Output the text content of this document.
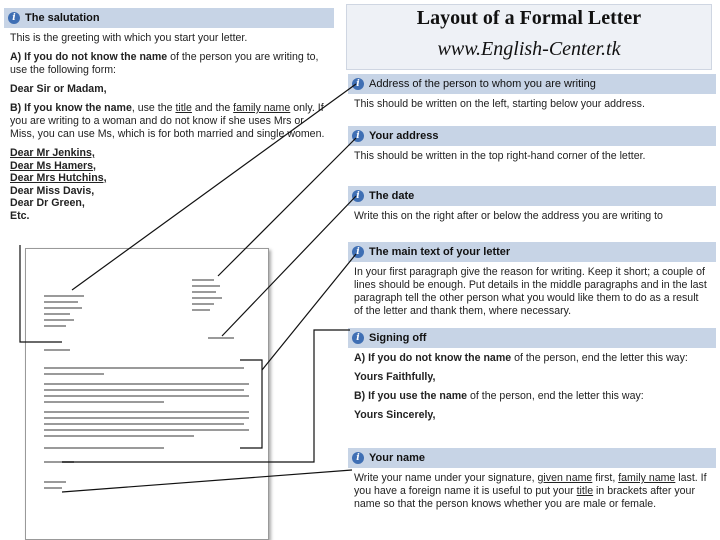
Layout of a Formal Letter
www.English-Center.tk
i The salutation

This is the greeting with which you start your letter.

A) If you do not know the name of the person you are writing to, use the following form:

Dear Sir or Madam,

B) If you know the name, use the title and the family name only. If you are writing to a woman and do not know if she uses Mrs or Miss, you can use Ms, which is for both married and single women.

Dear Mr Jenkins,
Dear Ms Hamers,
Dear Mrs Hutchins,
Dear Miss Davis,
Dear Dr Green,
Etc.
i Address of the person to whom you are writing
This should be written on the left, starting below your address.
i Your address
This should be written in the top right-hand corner of the letter.
i The date
Write this on the right after or below the address you are writing to
i The main text of your letter
In your first paragraph give the reason for writing. Keep it short; a couple of lines should be enough. Put details in the middle paragraphs and in the last paragraph tell the other person what you would like them to do as a result of the letter and thank them, where necessary.
i Signing off

A) If you do not know the name of the person, end the letter this way:

Yours Faithfully,

B) If you use the name of the person, end the letter this way:

Yours Sincerely,

i Your name
Write your name under your signature, given name first, family name last. If you have a foreign name it is useful to put your title in brackets after your name so that the person knows whether you are male or female.
